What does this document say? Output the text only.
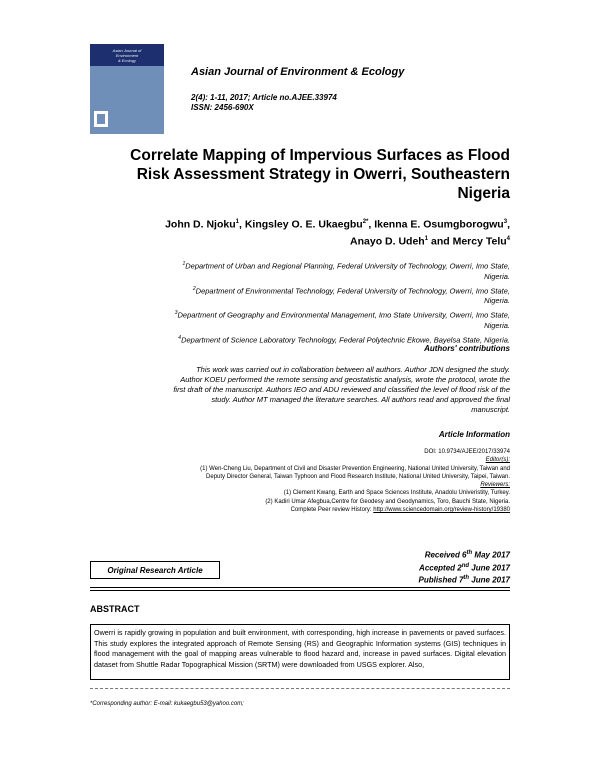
Asian Journal of
Environment
& Ecology
Asian Journal of Environment & Ecology
2(4): 1-11, 2017; Article no.AJEE.33974
ISSN: 2456-690X
Correlate Mapping of Impervious Surfaces as Flood
Risk Assessment Strategy in Owerri, Southeastern
Nigeria
John D. Njoku$^1$, Kingsley O. E. Ukaegbu$^{2*}$, Ikenna E. Osumgborogwu$^3$,
Anayo D. Udeh$^1$ and Mercy Telu$^4$
$^1$Department of Urban and Regional Planning, Federal University of Technology, Owerri, Imo State,
Nigeria.
$^2$Department of Environmental Technology, Federal University of Technology, Owerri, Imo State,
Nigeria.
$^3$Department of Geography and Environmental Management, Imo State University, Owerri, Imo State,
Nigeria.
$^4$Department of Science Laboratory Technology, Federal Polytechnic Ekowe, Bayelsa State, Nigeria.
Authors' contributions
This work was carried out in collaboration between all authors. Author JDN designed the study.
Author KOEU performed the remote sensing and geostatistic analysis, wrote the protocol, wrote the
first draft of the manuscript. Authors IEO and ADU reviewed and classified the level of flood risk of the
study. Author MT managed the literature searches. All authors read and approved the final
manuscript.
Article Information
DOI: 10.9734/AJEE/2017/33974
Editor(s):
(1) Wen-Cheng Liu, Department of Civil and Disaster Prevention Engineering, National United University, Taiwan and
Deputy Director General, Taiwan Typhoon and Flood Research Institute, National United University, Taipei, Taiwan.
Reviewers:
(1) Clement Kwang, Earth and Space Sciences Institute, Anadolu Univeristity, Turkey.
(2) Kadiri Umar Afegbua,Centre for Geodesy and Geodynamics, Toro, Bauchi State, Nigeria.
Complete Peer review History: http://www.sciencedomain.org/review-history/19380
Received 6th May 2017
Accepted 2nd June 2017
Published 7th June 2017
Original Research Article
ABSTRACT
Owerri is rapidly growing in population and built environment, with corresponding, high increase in pavements or paved surfaces. This study explores the integrated approach of Remote Sensing (RS) and Geographic Information systems (GIS) techniques in flood management with the goal of mapping areas vulnerable to flood hazard and, increase in paved surfaces. Digital elevation dataset from Shuttle Radar Topographical Mission (SRTM) were downloaded from USGS explorer. Also,
*Corresponding author: E-mail: kukaegbu53@yahoo.com;
